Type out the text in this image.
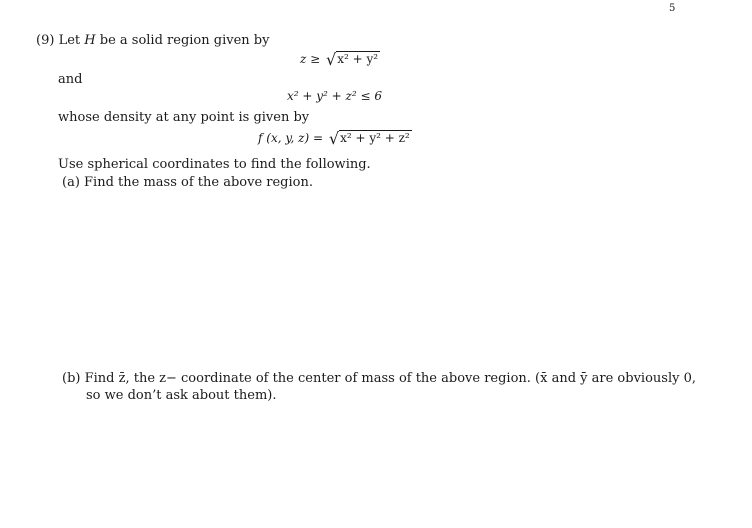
5
(9) Let H be a solid region given by
z ≥ √x² + y²
and
x² + y² + z² ≤ 6
whose density at any point is given by
f (x, y, z) = √x² + y² + z²
Use spherical coordinates to find the following.
(a) Find the mass of the above region.
(b) Find z̄, the z− coordinate of the center of mass of the above region. (x̄ and ȳ are obviously 0,
so we don’t ask about them).
